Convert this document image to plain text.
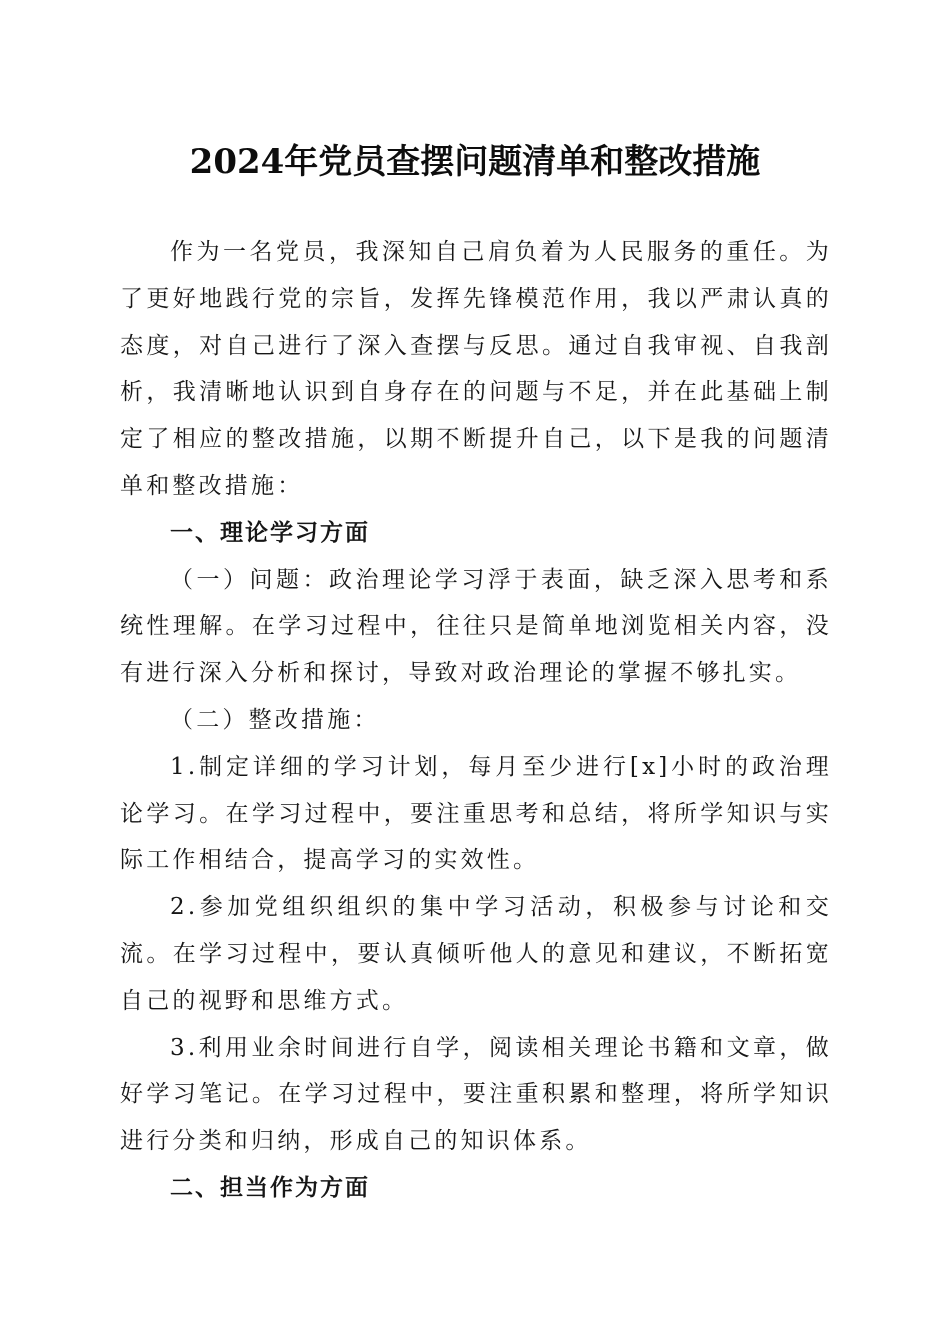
2024年党员查摆问题清单和整改措施

作为一名党员，我深知自己肩负着为人民服务的重任。为了更好地践行党的宗旨，发挥先锋模范作用，我以严肃认真的态度，对自己进行了深入查摆与反思。通过自我审视、自我剖析，我清晰地认识到自身存在的问题与不足，并在此基础上制定了相应的整改措施，以期不断提升自己，以下是我的问题清单和整改措施：

一、理论学习方面

（一）问题：政治理论学习浮于表面，缺乏深入思考和系统性理解。在学习过程中，往往只是简单地浏览相关内容，没有进行深入分析和探讨，导致对政治理论的掌握不够扎实。

（二）整改措施：

1.制定详细的学习计划，每月至少进行[x]小时的政治理论学习。在学习过程中，要注重思考和总结，将所学知识与实际工作相结合，提高学习的实效性。

2.参加党组织组织的集中学习活动，积极参与讨论和交流。在学习过程中，要认真倾听他人的意见和建议，不断拓宽自己的视野和思维方式。

3.利用业余时间进行自学，阅读相关理论书籍和文章，做好学习笔记。在学习过程中，要注重积累和整理，将所学知识进行分类和归纳，形成自己的知识体系。

二、担当作为方面
